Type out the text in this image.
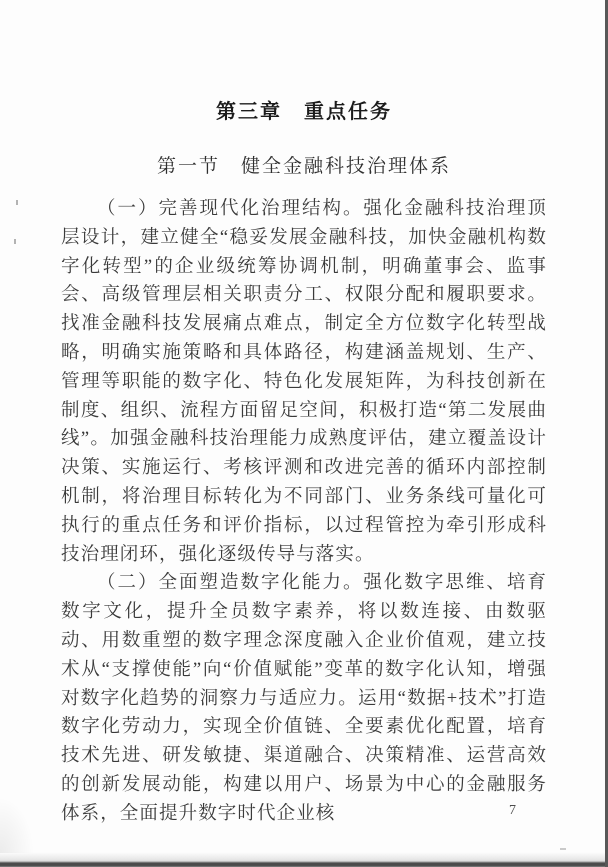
第三章　重点任务
第一节　健全金融科技治理体系

（一）完善现代化治理结构。强化金融科技治理顶层设计，建立健全“稳妥发展金融科技，加快金融机构数字化转型”的企业级统筹协调机制，明确董事会、监事会、高级管理层相关职责分工、权限分配和履职要求。找准金融科技发展痛点难点，制定全方位数字化转型战略，明确实施策略和具体路径，构建涵盖规划、生产、管理等职能的数字化、特色化发展矩阵，为科技创新在制度、组织、流程方面留足空间，积极打造“第二发展曲线”。加强金融科技治理能力成熟度评估，建立覆盖设计决策、实施运行、考核评测和改进完善的循环内部控制机制，将治理目标转化为不同部门、业务条线可量化可执行的重点任务和评价指标，以过程管控为牵引形成科技治理闭环，强化逐级传导与落实。

（二）全面塑造数字化能力。强化数字思维、培育数字文化，提升全员数字素养，将以数连接、由数驱动、用数重塑的数字理念深度融入企业价值观，建立技术从“支撑使能”向“价值赋能”变革的数字化认知，增强对数字化趋势的洞察力与适应力。运用“数据+技术”打造数字化劳动力，实现全价值链、全要素优化配置，培育技术先进、研发敏捷、渠道融合、决策精准、运营高效的创新发展动能，构建以用户、场景为中心的金融服务体系，全面提升数字时代企业核	7
